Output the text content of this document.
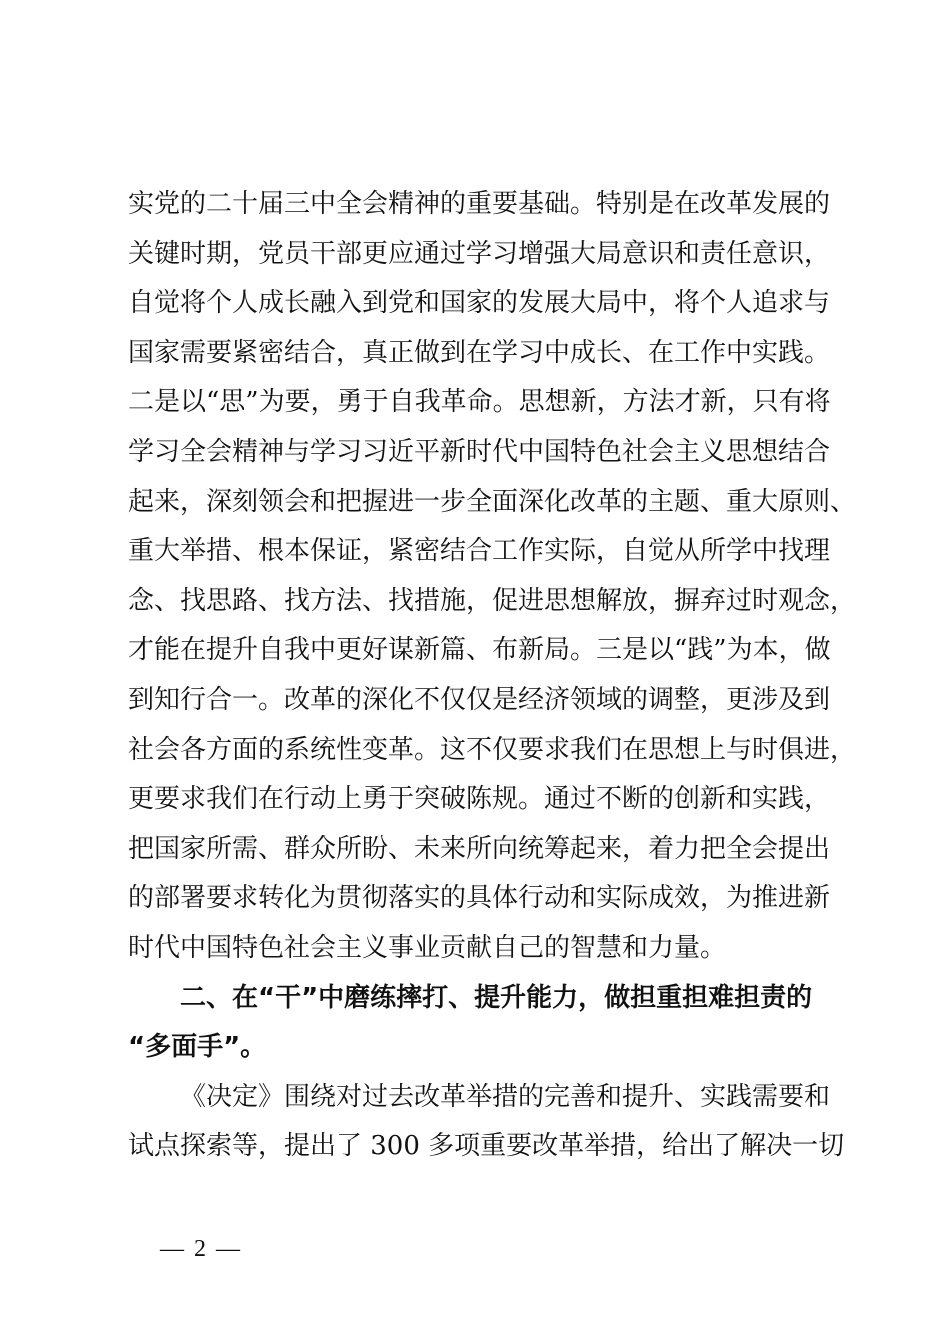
实党的二十届三中全会精神的重要基础。特别是在改革发展的
关键时期，党员干部更应通过学习增强大局意识和责任意识，
自觉将个人成长融入到党和国家的发展大局中，将个人追求与
国家需要紧密结合，真正做到在学习中成长、在工作中实践。
二是以“思”为要，勇于自我革命。思想新，方法才新，只有将
学习全会精神与学习习近平新时代中国特色社会主义思想结合
起来，深刻领会和把握进一步全面深化改革的主题、重大原则、
重大举措、根本保证，紧密结合工作实际，自觉从所学中找理
念、找思路、找方法、找措施，促进思想解放，摒弃过时观念，
才能在提升自我中更好谋新篇、布新局。三是以“践”为本，做
到知行合一。改革的深化不仅仅是经济领域的调整，更涉及到
社会各方面的系统性变革。这不仅要求我们在思想上与时俱进，
更要求我们在行动上勇于突破陈规。通过不断的创新和实践，
把国家所需、群众所盼、未来所向统筹起来，着力把全会提出
的部署要求转化为贯彻落实的具体行动和实际成效，为推进新
时代中国特色社会主义事业贡献自己的智慧和力量。
二、在“干”中磨练摔打、提升能力，做担重担难担责的
“多面手”。
《决定》围绕对过去改革举措的完善和提升、实践需要和
试点探索等，提出了 300 多项重要改革举措，给出了解决一切
— 2 —
